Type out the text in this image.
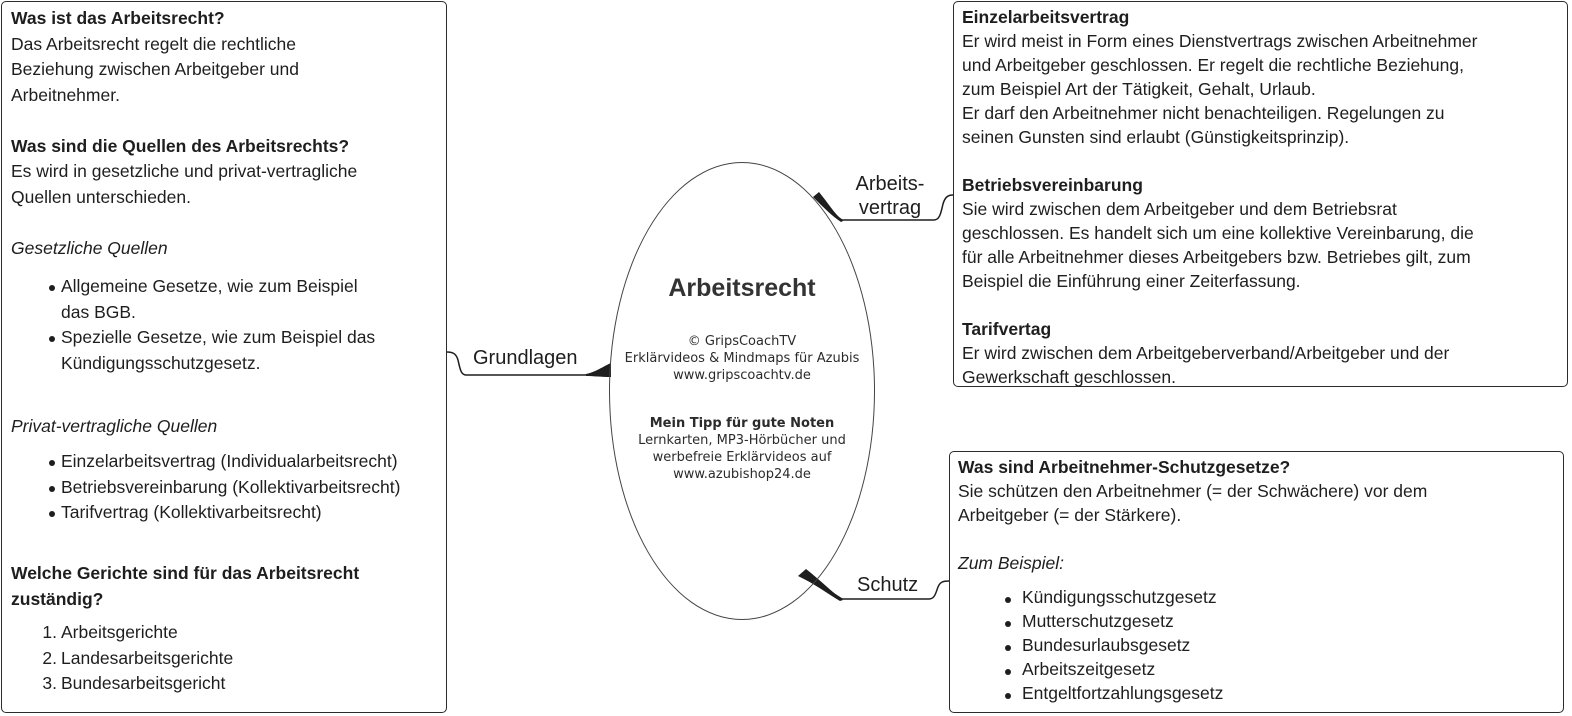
Was ist das Arbeitsrecht?

Das Arbeitsrecht regelt die rechtliche

Beziehung zwischen Arbeitgeber und

Arbeitnehmer.

Was sind die Quellen des Arbeitsrechts?

Es wird in gesetzliche und privat-vertragliche

Quellen unterschieden.

Gesetzliche Quellen

Allgemeine Gesetze, wie zum Beispiel
das BGB.
Spezielle Gesetze, wie zum Beispiel das
Kündigungsschutzgesetz.

Privat-vertragliche Quellen

Einzelarbeitsvertrag (Individualarbeitsrecht)
Betriebsvereinbarung (Kollektivarbeitsrecht)
Tarifvertrag (Kollektivarbeitsrecht)

Welche Gerichte sind für das Arbeitsrecht

zuständig?

1. Arbeitsgerichte
2. Landesarbeitsgerichte
3. Bundesarbeitsgericht
Grundlagen
Arbeits-
vertrag
Schutz
Arbeitsrecht
© GripsCoachTV
Erklärvideos & Mindmaps für Azubis
www.gripscoachtv.de
Mein Tipp für gute Noten
Lernkarten, MP3-Hörbücher und
werbefreie Erklärvideos auf
www.azubishop24.de

Einzelarbeitsvertrag

Er wird meist in Form eines Dienstvertrags zwischen Arbeitnehmer

und Arbeitgeber geschlossen. Er regelt die rechtliche Beziehung,

zum Beispiel Art der Tätigkeit, Gehalt, Urlaub.

Er darf den Arbeitnehmer nicht benachteiligen. Regelungen zu

seinen Gunsten sind erlaubt (Günstigkeitsprinzip).

Betriebsvereinbarung

Sie wird zwischen dem Arbeitgeber und dem Betriebsrat

geschlossen. Es handelt sich um eine kollektive Vereinbarung, die

für alle Arbeitnehmer dieses Arbeitgebers bzw. Betriebes gilt, zum

Beispiel die Einführung einer Zeiterfassung.

Tarifvertag

Er wird zwischen dem Arbeitgeberverband/Arbeitgeber und der

Gewerkschaft geschlossen.

Was sind Arbeitnehmer-Schutzgesetze?

Sie schützen den Arbeitnehmer (= der Schwächere) vor dem

Arbeitgeber (= der Stärkere).

Zum Beispiel:

Kündigungsschutzgesetz
Mutterschutzgesetz
Bundesurlaubsgesetz
Arbeitszeitgesetz
Entgeltfortzahlungsgesetz
